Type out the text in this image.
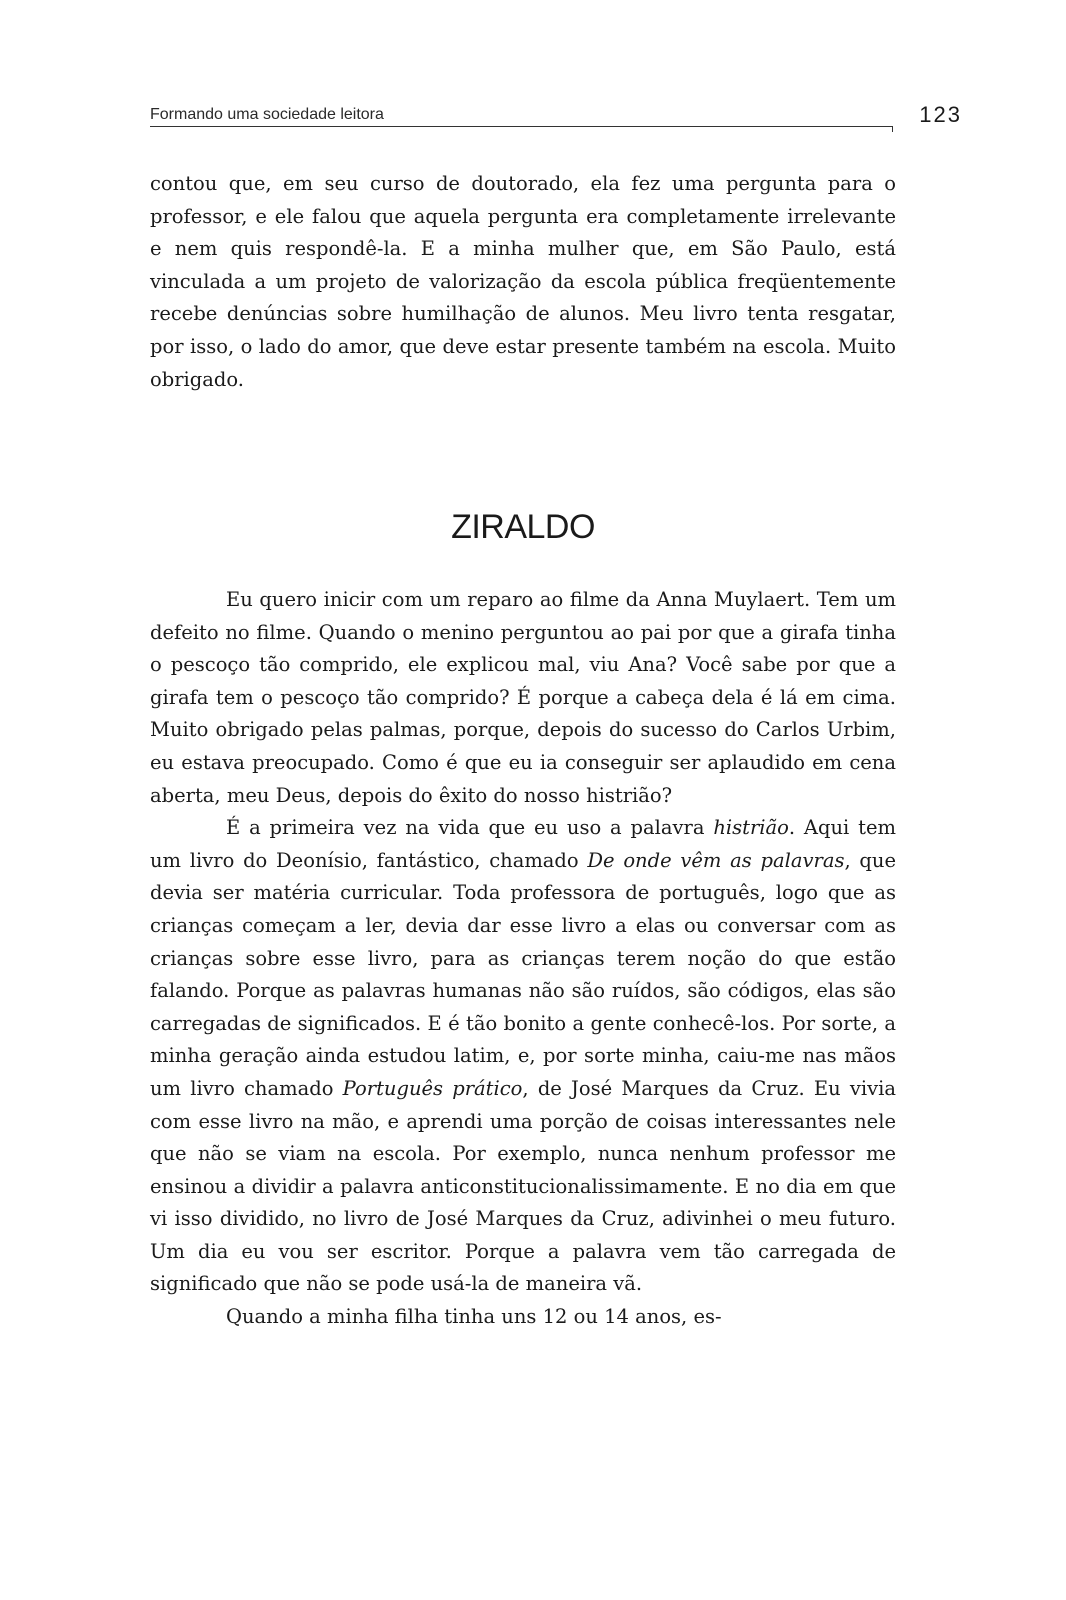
Formando uma sociedade leitora	123

contou que, em seu curso de doutorado, ela fez uma pergunta para o professor, e ele falou que aquela pergunta era completamente irrelevante e nem quis respondê-la. E a minha mulher que, em São Paulo, está vinculada a um projeto de valorização da escola pública freqüentemente recebe denúncias sobre humilhação de alunos. Meu livro tenta resgatar, por isso, o lado do amor, que deve estar presente também na escola. Muito obrigado.

ZIRALDO

Eu quero inicir com um reparo ao filme da Anna Muylaert. Tem um defeito no filme. Quando o menino perguntou ao pai por que a girafa tinha o pescoço tão comprido, ele explicou mal, viu Ana? Você sabe por que a girafa tem o pescoço tão comprido? É porque a cabeça dela é lá em cima. Muito obrigado pelas palmas, porque, depois do sucesso do Carlos Urbim, eu estava preocupado. Como é que eu ia conseguir ser aplaudido em cena aberta, meu Deus, depois do êxito do nosso histrião?

É a primeira vez na vida que eu uso a palavra histrião. Aqui tem um livro do Deonísio, fantástico, chamado De onde vêm as palavras, que devia ser matéria curricular. Toda professora de português, logo que as crianças começam a ler, devia dar esse livro a elas ou conversar com as crianças sobre esse livro, para as crianças terem noção do que estão falando. Porque as palavras humanas não são ruídos, são códigos, elas são carregadas de significados. E é tão bonito a gente conhecê-los. Por sorte, a minha geração ainda estudou latim, e, por sorte minha, caiu-me nas mãos um livro chamado Português prático, de José Marques da Cruz. Eu vivia com esse livro na mão, e aprendi uma porção de coisas interessantes nele que não se viam na escola. Por exemplo, nunca nenhum professor me ensinou a dividir a palavra anticonstitucionalissimamente. E no dia em que vi isso dividido, no livro de José Marques da Cruz, adivinhei o meu futuro. Um dia eu vou ser escritor. Porque a palavra vem tão carregada de significado que não se pode usá-la de maneira vã.

Quando a minha filha tinha uns 12 ou 14 anos, es-
